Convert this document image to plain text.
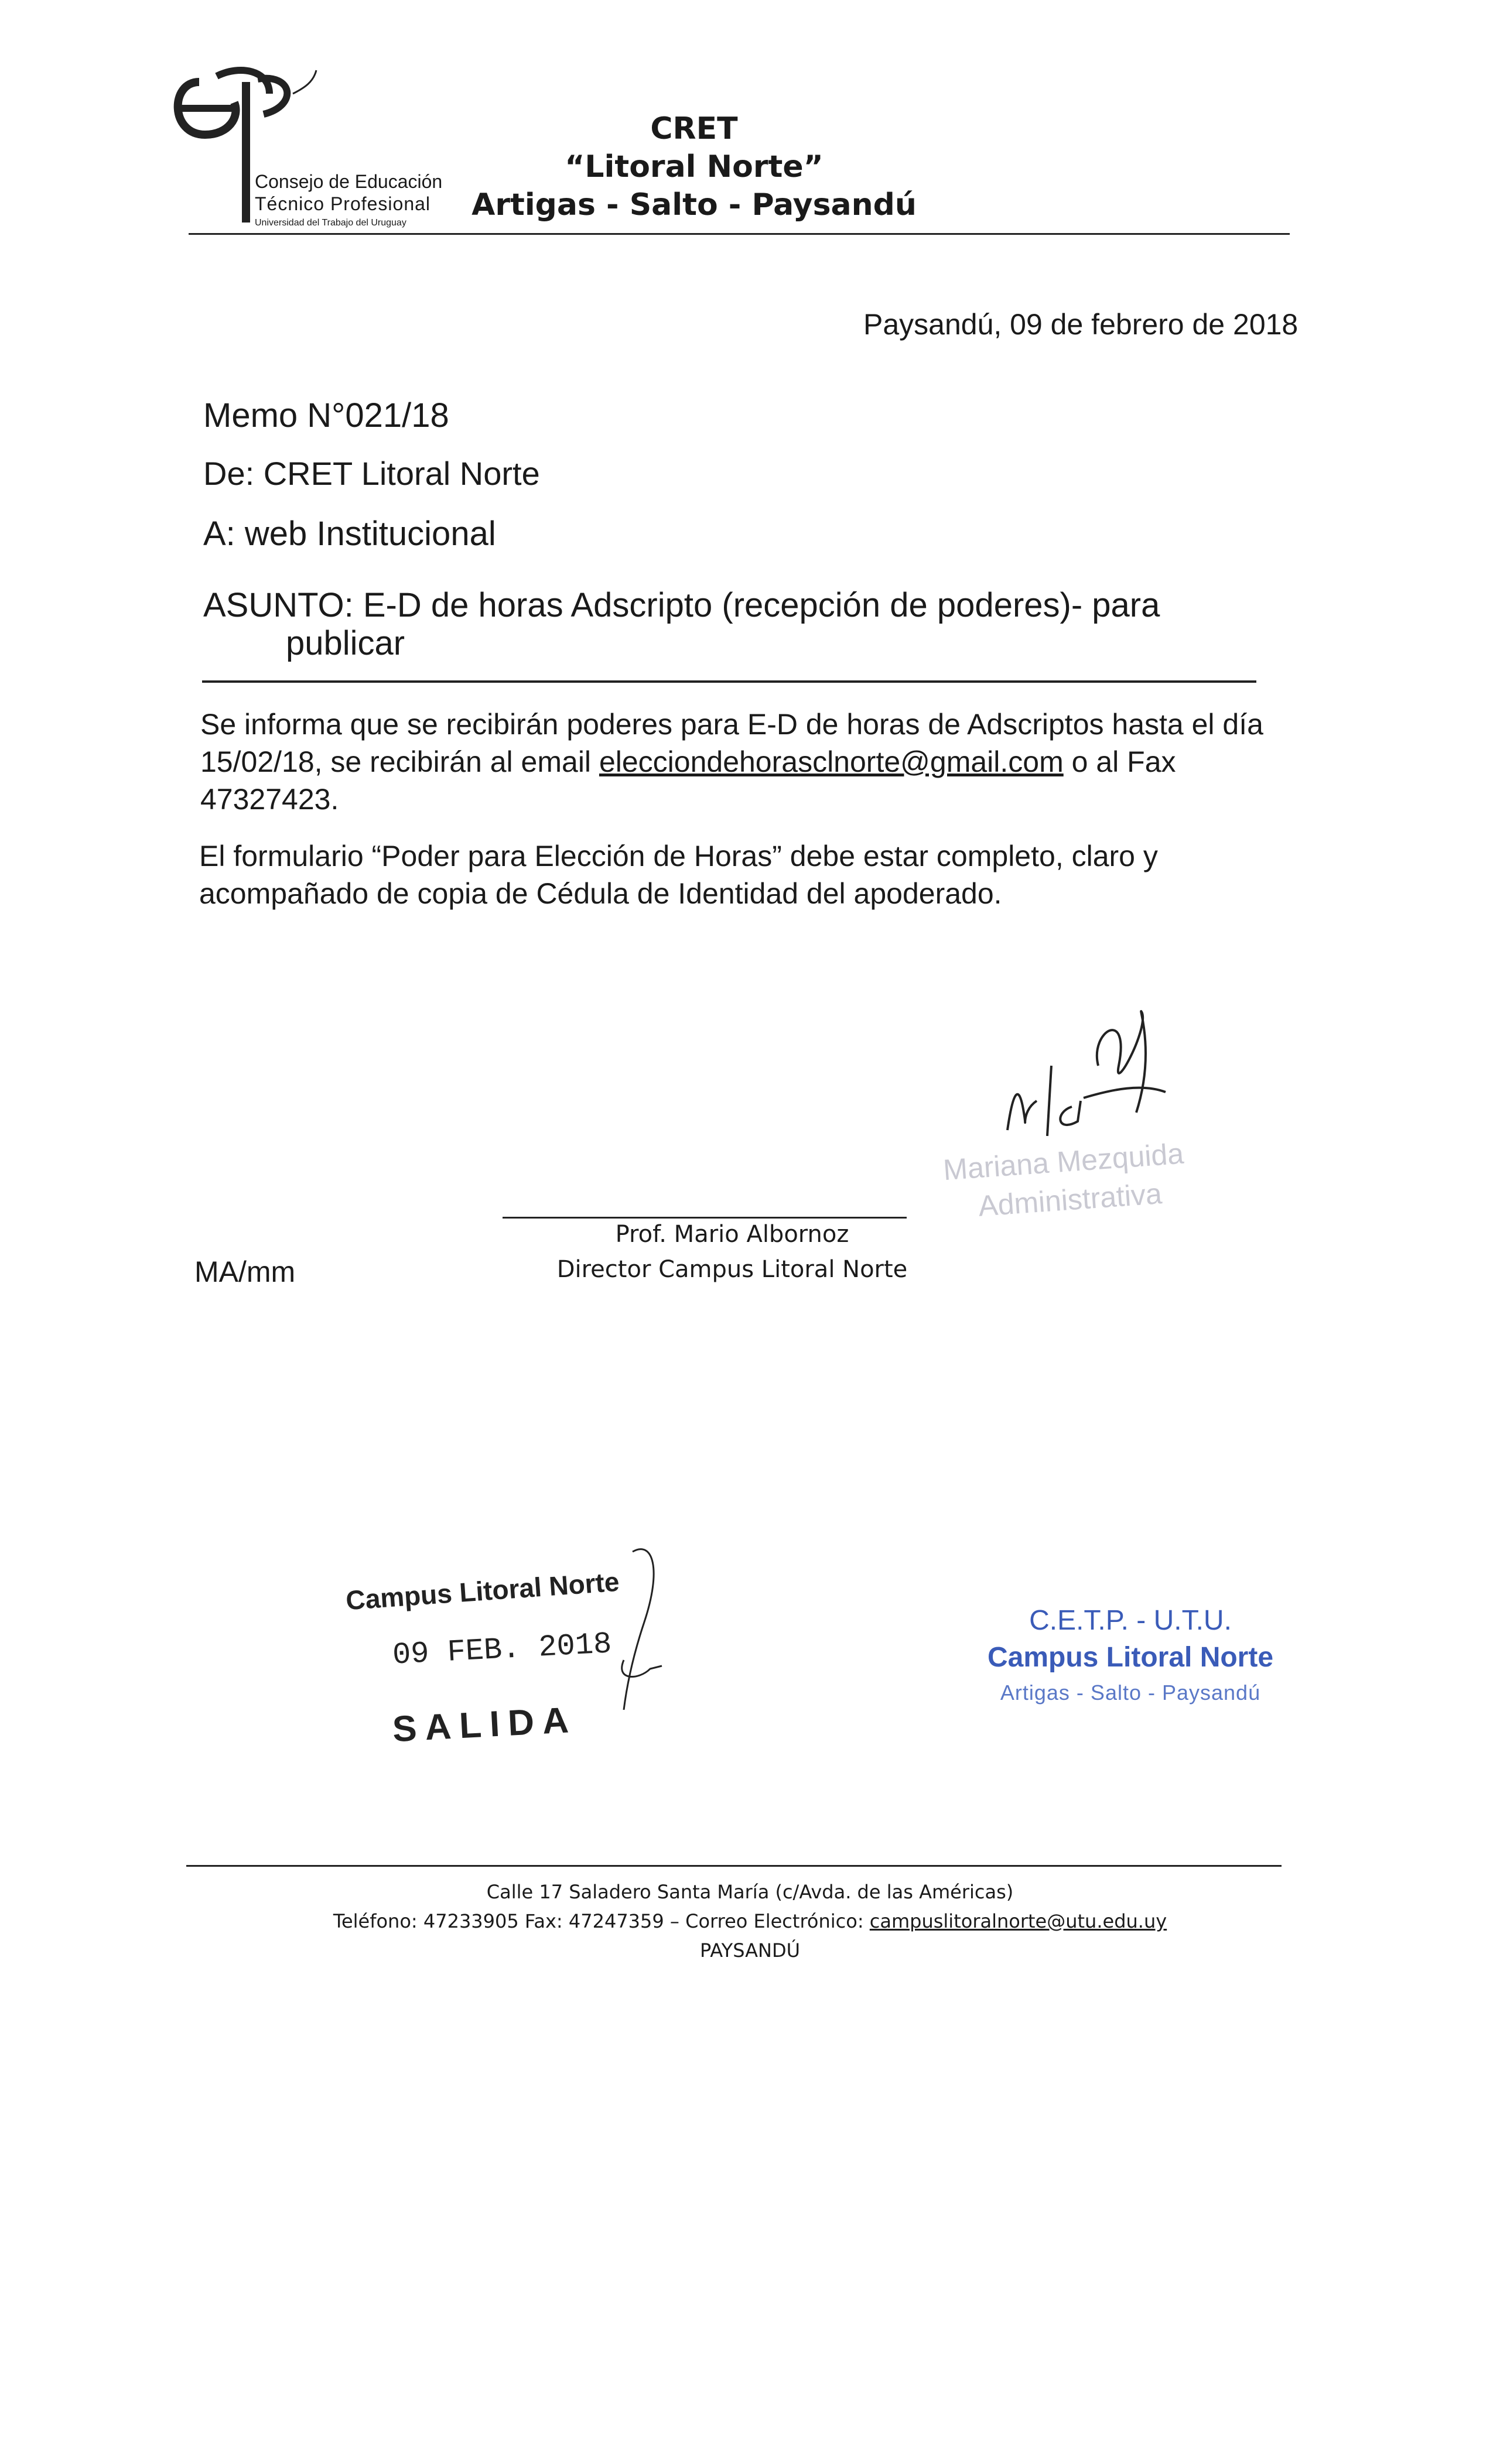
Consejo de Educación
Técnico Profesional
Universidad del Trabajo del Uruguay
CRET
“Litoral Norte”
Artigas - Salto - Paysandú
Paysandú, 09 de febrero de 2018
Memo N°021/18
De: CRET Litoral Norte
A: web Institucional
ASUNTO: E-D de horas Adscripto (recepción de poderes)- para
publicar
Se informa que se recibirán poderes para E-D de horas de Adscriptos hasta el día 15/02/18, se recibirán al email elecciondehorasclnorte@gmail.com o al Fax 47327423.
El formulario “Poder para Elección de Horas” debe estar completo, claro y acompañado de copia de Cédula de Identidad del apoderado.
Mariana Mezquida
Administrativa
Prof. Mario Albornoz
Director Campus Litoral Norte
MA/mm
Campus Litoral Norte
09 FEB. 2018
SALIDA
C.E.T.P. - U.T.U.
Campus Litoral Norte
Artigas - Salto - Paysandú
Calle 17 Saladero Santa María (c/Avda. de las Américas)
Teléfono: 47233905 Fax: 47247359 – Correo Electrónico: campuslitoralnorte@utu.edu.uy
PAYSANDÚ
